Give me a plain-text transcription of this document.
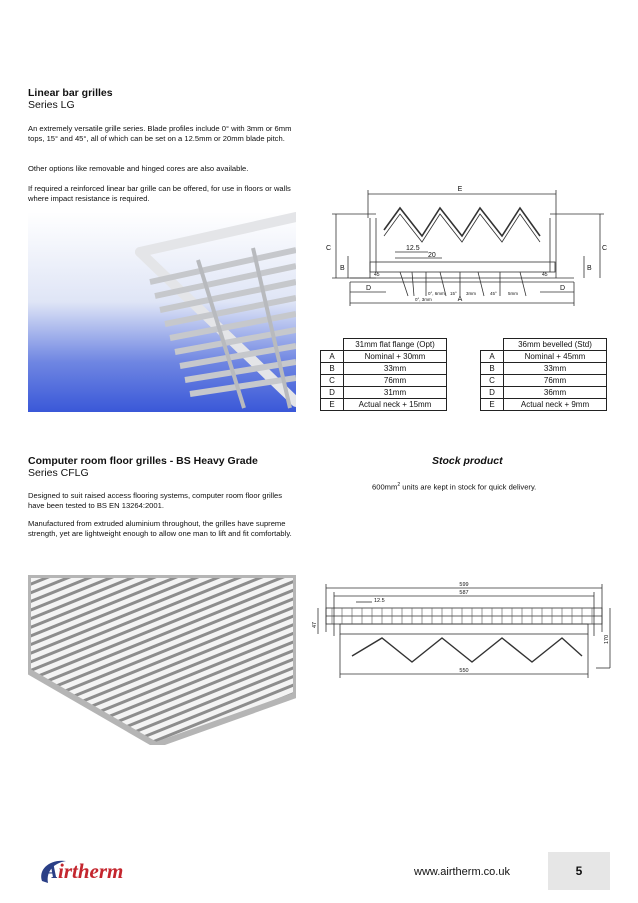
Linear bar grilles
Series LG
An extremely versatile grille series. Blade profiles include 0° with 3mm or 6mm tops, 15° and 45°, all of which can be set on a 12.5mm or 20mm blade pitch.
Other options like removable and hinged cores are also available.
If required a reinforced linear bar grille can be offered, for use in floors or walls where impact resistance is required.
E
C
B
C
B
12.5
20
D	D
A
45	45
0°, 6mm 15° 3mm	45° 5mm
0°, 3mm
	31mm flat flange (Opt)
A	Nominal + 30mm
B	33mm
C	76mm
D	31mm
E	Actual neck + 15mm
	36mm bevelled (Std)
A	Nominal + 45mm
B	33mm
C	76mm
D	36mm
E	Actual neck + 9mm
Computer room floor grilles - BS Heavy Grade
Series CFLG
Designed to suit raised access flooring systems, computer room floor grilles have been tested to BS EN 13264:2001.
Manufactured from extruded aluminium throughout, the grilles have supreme strength, yet are lightweight enough to allow one man to lift and fit comfortably.
Stock product
$600mm^2$ units are kept in stock for quick delivery.
599
587
12.5
47
170
550
Airtherm	www.airtherm.co.uk	5
